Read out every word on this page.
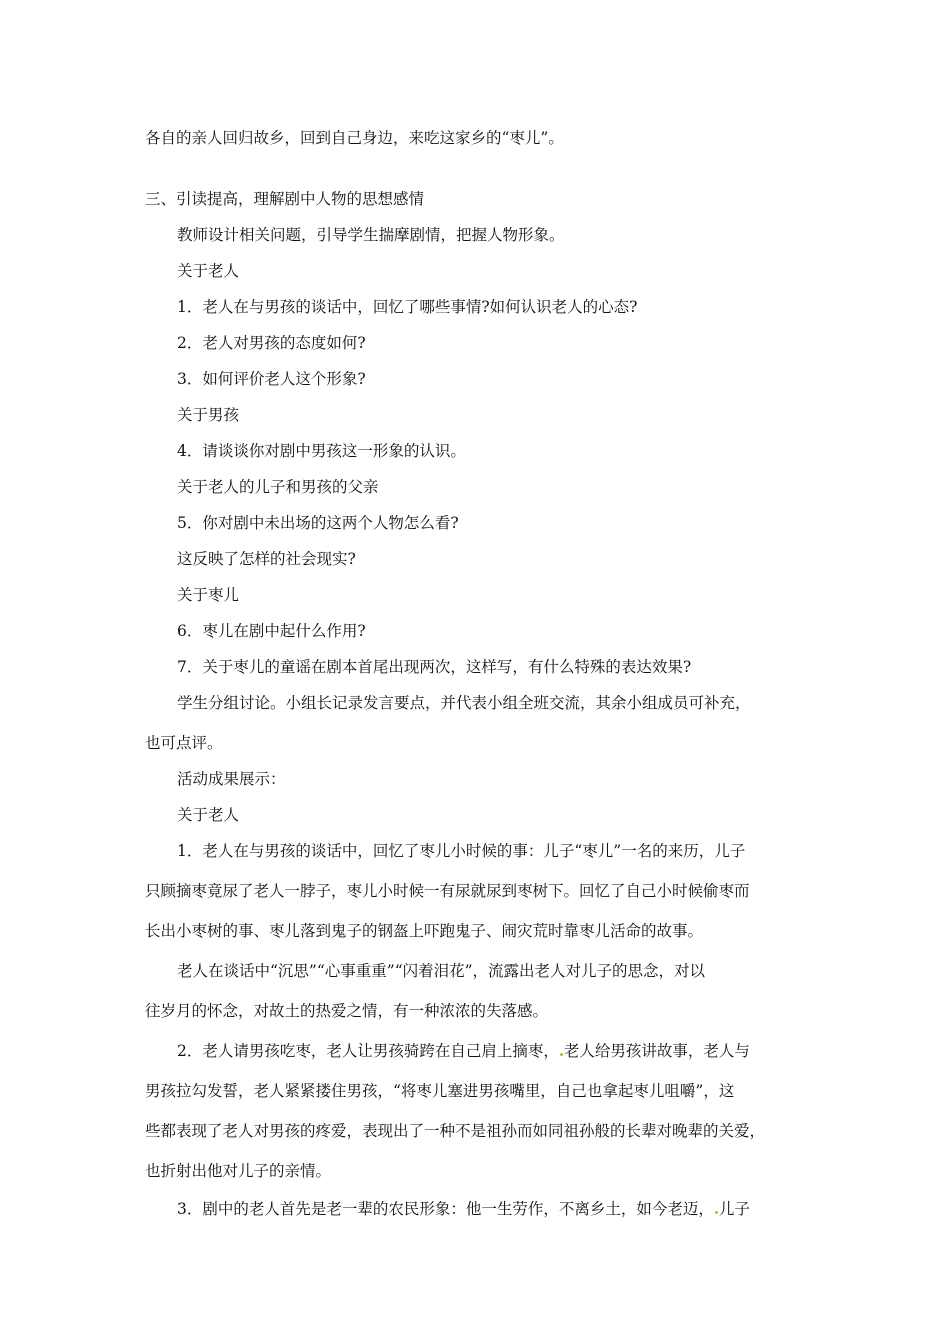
各自的亲人回归故乡，回到自己身边，来吃这家乡的“枣儿”。
三、引读提高，理解剧中人物的思想感情
教师设计相关问题，引导学生揣摩剧情，把握人物形象。
关于老人
1．老人在与男孩的谈话中，回忆了哪些事情?如何认识老人的心态?
2．老人对男孩的态度如何?
3．如何评价老人这个形象?
关于男孩
4．请谈谈你对剧中男孩这一形象的认识。
关于老人的儿子和男孩的父亲
5．你对剧中未出场的这两个人物怎么看?
这反映了怎样的社会现实?
关于枣儿
6．枣儿在剧中起什么作用?
7．关于枣儿的童谣在剧本首尾出现两次，这样写，有什么特殊的表达效果?
学生分组讨论。小组长记录发言要点，并代表小组全班交流，其余小组成员可补充，
也可点评。
活动成果展示：
关于老人
1．老人在与男孩的谈话中，回忆了枣儿小时候的事：儿子“枣儿”一名的来历，儿子
只顾摘枣竟尿了老人一脖子，枣儿小时候一有尿就尿到枣树下。回忆了自己小时候偷枣而
长出小枣树的事、枣儿落到鬼子的钢盔上吓跑鬼子、闹灾荒时靠枣儿活命的故事。
老人在谈话中“沉思”“心事重重”“闪着泪花”，流露出老人对儿子的思念，对以
往岁月的怀念，对故土的热爱之情，有一种浓浓的失落感。
2．老人请男孩吃枣，老人让男孩骑跨在自己肩上摘枣， 老人给男孩讲故事，老人与
男孩拉勾发誓，老人紧紧搂住男孩，“将枣儿塞进男孩嘴里，自己也拿起枣儿咀嚼”，这
些都表现了老人对男孩的疼爱，表现出了一种不是祖孙而如同祖孙般的长辈对晚辈的关爱，
也折射出他对儿子的亲情。
3．剧中的老人首先是老一辈的农民形象：他一生劳作，不离乡土，如今老迈， 儿子
